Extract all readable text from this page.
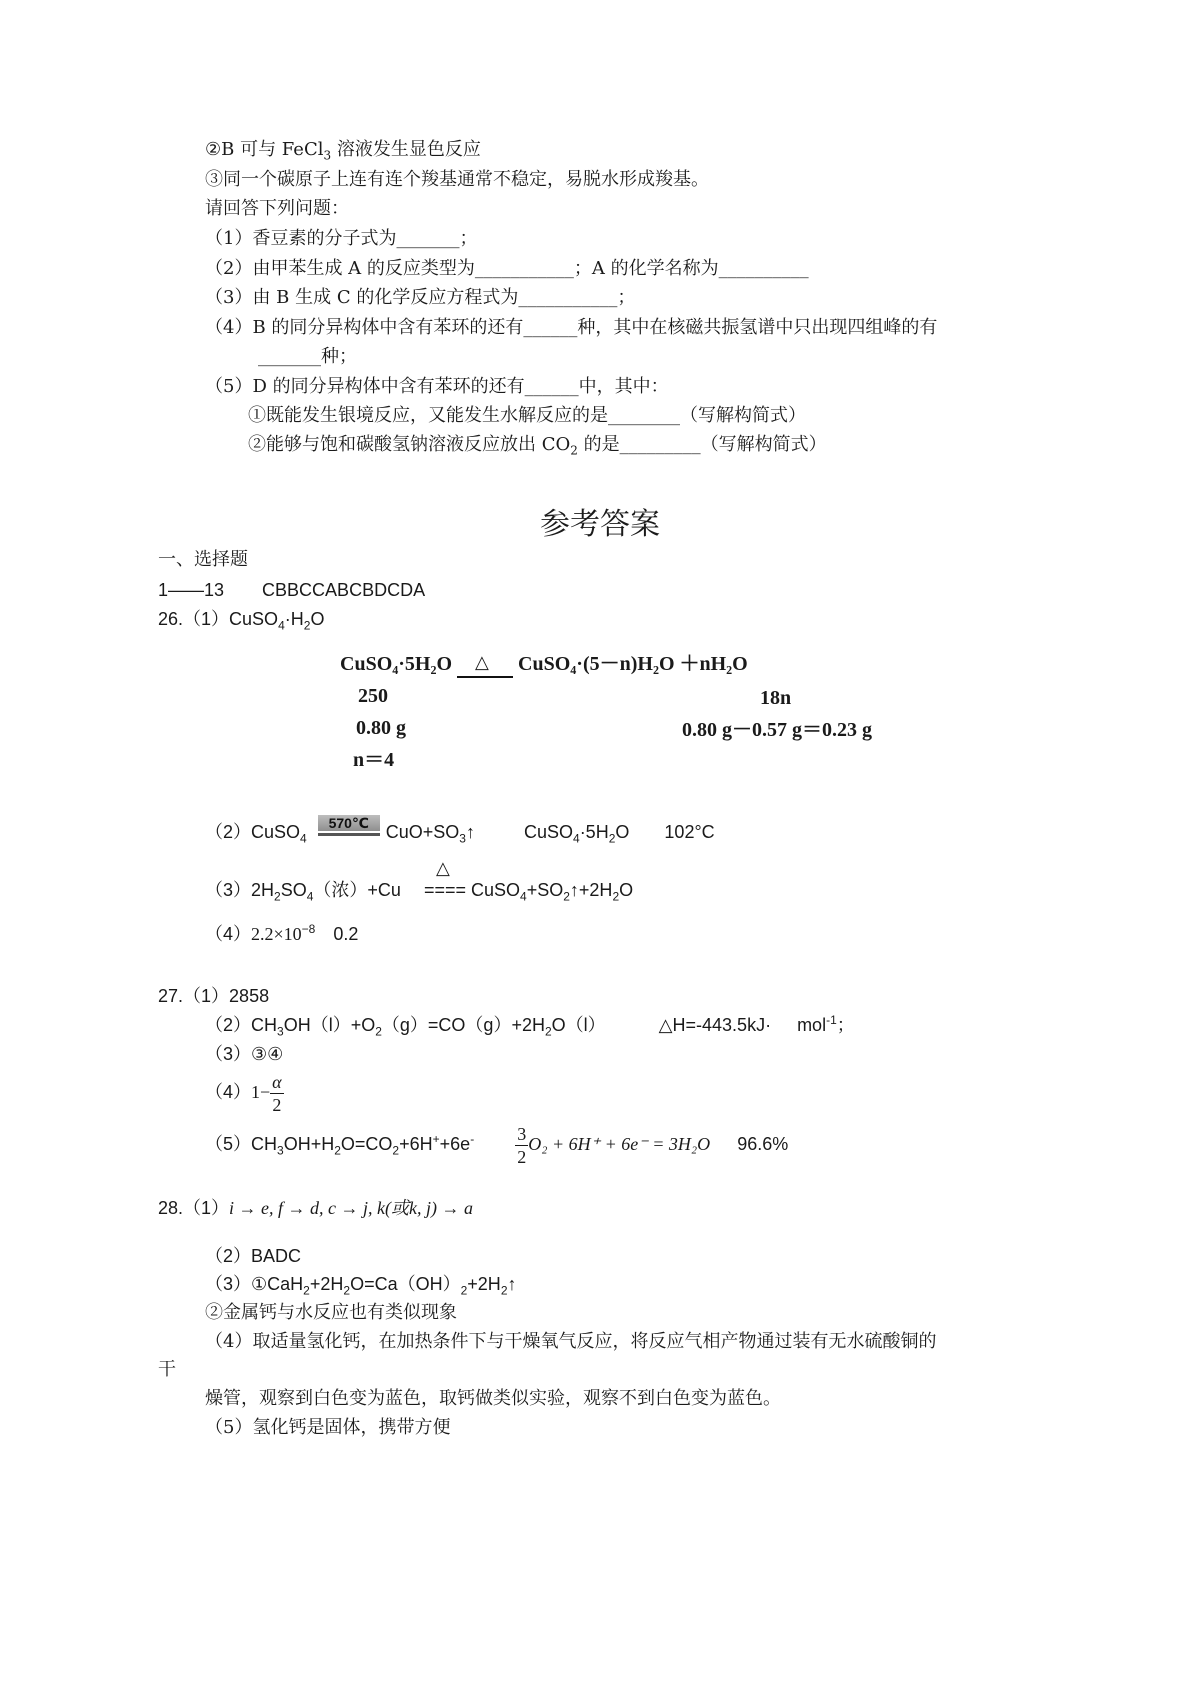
②B 可与 FeCl$_3$ 溶液发生显色反应
③同一个碳原子上连有连个羧基通常不稳定，易脱水形成羧基。
请回答下列问题：
（1）香豆素的分子式为_______；
（2）由甲苯生成 A 的反应类型为___________；A 的化学名称为__________
（3）由 B 生成 C 的化学反应方程式为___________；
（4）B 的同分异构体中含有苯环的还有______种，其中在核磁共振氢谱中只出现四组峰的有
_______种；
（5）D 的同分异构体中含有苯环的还有______中，其中：
①既能发生银境反应，又能发生水解反应的是________（写解构简式）
②能够与饱和碳酸氢钠溶液反应放出 $CO_2$ 的是_________（写解构简式）
参考答案
一、选择题
1——13 CBBCCABCBDCDA
$26.(1)CuSO_4\cdot H_2O$
CuSO₄·5H₂O △ CuSO₄·(5－n)H₂O ＋nH₂O
250	18n
0.80 g	0.80 g－0.57 g＝0.23 g
n＝4
（2）CuSO$_4$
570℃ $CuO+SO_3↑$	$CuSO_4\cdot 5H_2O$ 102°C
$(3)2H_2SO_4$（浓）+Cu
△
==== $CuSO_4+SO_2↑+2H_2O$
$(4)2.2\times 10^{-8}$ 0.2
27.（1）2858
$(2)CH_3OH(l)+O_2(g)=CO(g)+2H_2O(l)$	△H=-443.5kJ· mol$^{-1}$；
（3）③④
$(4)1- \frac{\alpha}{2}$
$(5)CH_3OH+H_2O=CO_2+6H^++6e^- \frac{3}{2} O_2 + 6H^+ + 6e^- = 3H_2O$ 96.6%
28.（1）i → e, f → d, c → j, k(或k, j) → a
（2）BADC
$(3)①CaH_2+2H_2O=Ca(OH)_2+2H_2↑$
②金属钙与水反应也有类似现象
（4）取适量氢化钙，在加热条件下与干燥氧气反应，将反应气相产物通过装有无水硫酸铜的
干
燥管，观察到白色变为蓝色，取钙做类似实验，观察不到白色变为蓝色。
（5）氢化钙是固体，携带方便
